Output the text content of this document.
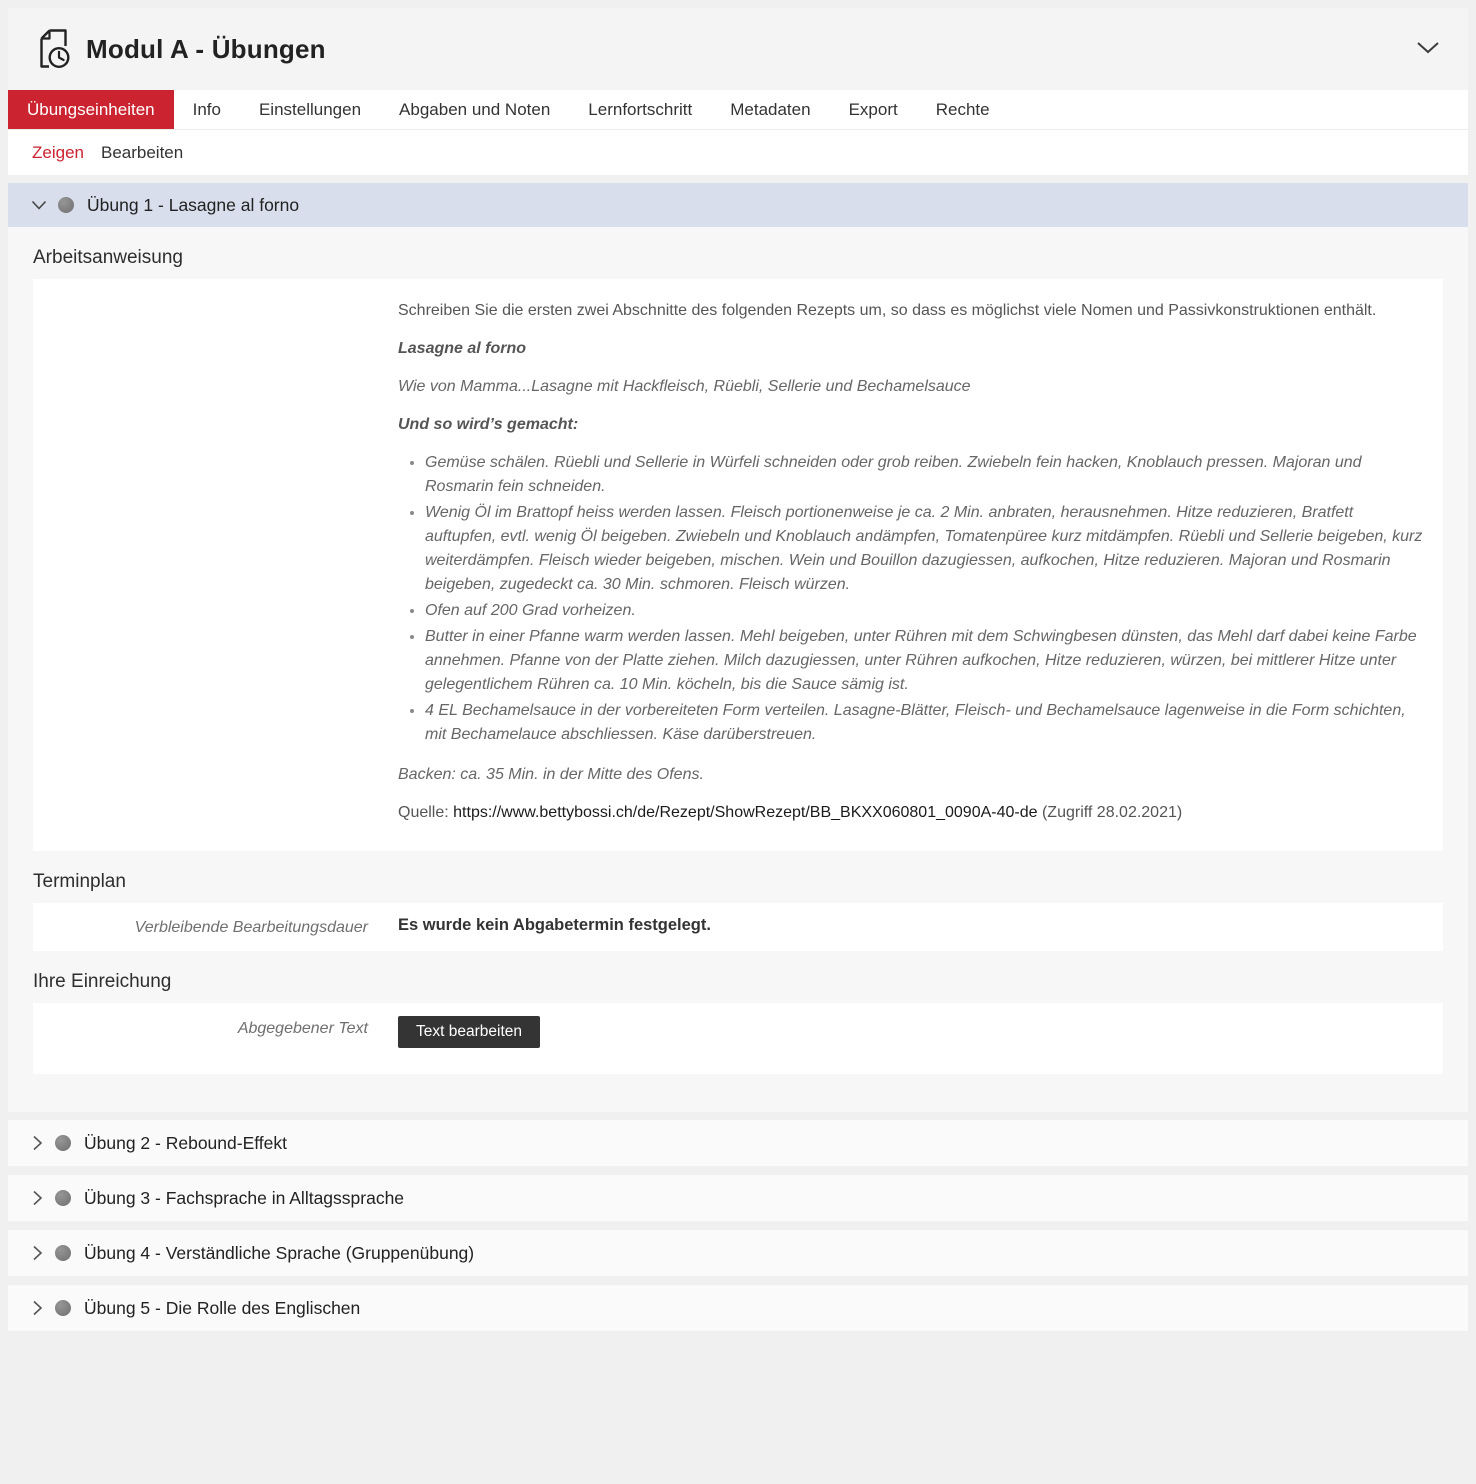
Modul A - Übungen
Übungseinheiten	Info	Einstellungen	Abgaben und Noten	Lernfortschritt	Metadaten	Export	Rechte
Zeigen Bearbeiten
Übung 1 - Lasagne al forno
Arbeitsanweisung

Schreiben Sie die ersten zwei Abschnitte des folgenden Rezepts um, so dass es möglichst viele Nomen und Passivkonstruktionen enthält.

Lasagne al forno

Wie von Mamma...Lasagne mit Hackfleisch, Rüebli, Sellerie und Bechamelsauce

Und so wird’s gemacht:

• Gemüse schälen. Rüebli und Sellerie in Würfeli schneiden oder grob reiben. Zwiebeln fein hacken, Knoblauch pressen. Majoran und Rosmarin fein schneiden.
• Wenig Öl im Brattopf heiss werden lassen. Fleisch portionenweise je ca. 2 Min. anbraten, herausnehmen. Hitze reduzieren, Bratfett auftupfen, evtl. wenig Öl beigeben. Zwiebeln und Knoblauch andämpfen, Tomatenpüree kurz mitdämpfen. Rüebli und Sellerie beigeben, kurz weiterdämpfen. Fleisch wieder beigeben, mischen. Wein und Bouillon dazugiessen, aufkochen, Hitze reduzieren. Majoran und Rosmarin beigeben, zugedeckt ca. 30 Min. schmoren. Fleisch würzen.
• Ofen auf 200 Grad vorheizen.
• Butter in einer Pfanne warm werden lassen. Mehl beigeben, unter Rühren mit dem Schwingbesen dünsten, das Mehl darf dabei keine Farbe annehmen. Pfanne von der Platte ziehen. Milch dazugiessen, unter Rühren aufkochen, Hitze reduzieren, würzen, bei mittlerer Hitze unter gelegentlichem Rühren ca. 10 Min. köcheln, bis die Sauce sämig ist.
• 4 EL Bechamelsauce in der vorbereiteten Form verteilen. Lasagne-Blätter, Fleisch- und Bechamelsauce lagenweise in die Form schichten, mit Bechamelauce abschliessen. Käse darüberstreuen.

Backen: ca. 35 Min. in der Mitte des Ofens.

Quelle: https://www.bettybossi.ch/de/Rezept/ShowRezept/BB_BKXX060801_0090A-40-de (Zugriff 28.02.2021)

Terminplan
Verbleibende Bearbeitungsdauer	Es wurde kein Abgabetermin festgelegt.
Ihre Einreichung
Abgegebener Text	Text bearbeiten
Übung 2 - Rebound-Effekt
Übung 3 - Fachsprache in Alltagssprache
Übung 4 - Verständliche Sprache (Gruppenübung)
Übung 5 - Die Rolle des Englischen
